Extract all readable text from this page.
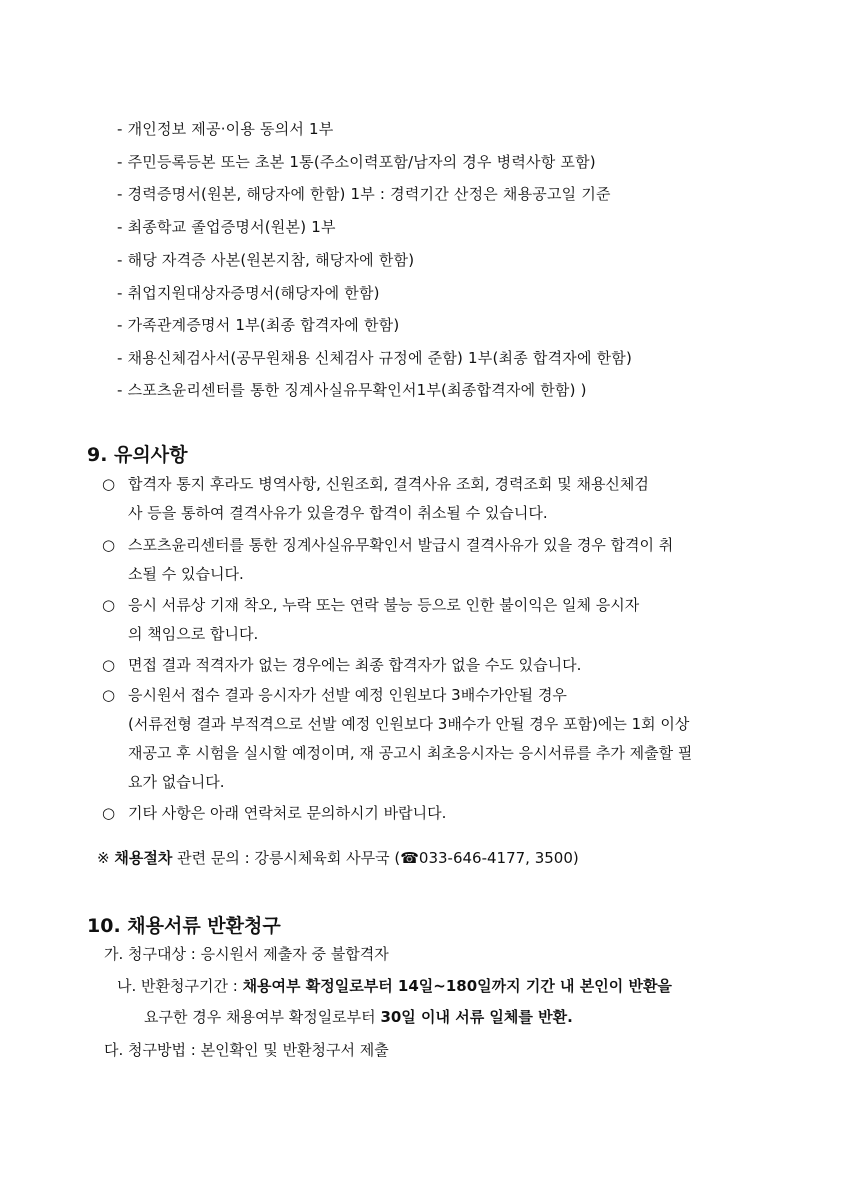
- 개인정보 제공·이용 동의서 1부
- 주민등록등본 또는 초본 1통(주소이력포함/남자의 경우 병력사항 포함)
- 경력증명서(원본, 해당자에 한함) 1부 : 경력기간 산정은 채용공고일 기준
- 최종학교 졸업증명서(원본) 1부
- 해당 자격증 사본(원본지참, 해당자에 한함)
- 취업지원대상자증명서(해당자에 한함)
- 가족관계증명서 1부(최종 합격자에 한함)
- 채용신체검사서(공무원채용 신체검사 규정에 준함) 1부(최종 합격자에 한함)
- 스포츠윤리센터를 통한 징계사실유무확인서1부(최종합격자에 한함) )
9. 유의사항
○ 합격자 통지 후라도 병역사항, 신원조회, 결격사유 조회, 경력조회 및 채용신체검
사 등을 통하여 결격사유가 있을경우 합격이 취소될 수 있습니다.
○ 스포츠윤리센터를 통한 징계사실유무확인서 발급시 결격사유가 있을 경우 합격이 취
소될 수 있습니다.
○ 응시 서류상 기재 착오, 누락 또는 연락 불능 등으로 인한 불이익은 일체 응시자
의 책임으로 합니다.
○ 면접 결과 적격자가 없는 경우에는 최종 합격자가 없을 수도 있습니다.
○ 응시원서 접수 결과 응시자가 선발 예정 인원보다 3배수가안될 경우
(서류전형 결과 부적격으로 선발 예정 인원보다 3배수가 안될 경우 포함)에는 1회 이상
재공고 후 시험을 실시할 예정이며, 재 공고시 최초응시자는 응시서류를 추가 제출할 필
요가 없습니다.
○ 기타 사항은 아래 연락처로 문의하시기 바랍니다.
※ 채용절차 관련 문의 : 강릉시체육회 사무국 (☎033-646-4177, 3500)
10. 채용서류 반환청구
가. 청구대상 : 응시원서 제출자 중 불합격자
나. 반환청구기간 : 채용여부 확정일로부터 14일~180일까지 기간 내 본인이 반환을
요구한 경우 채용여부 확정일로부터 30일 이내 서류 일체를 반환.
다. 청구방법 : 본인확인 및 반환청구서 제출
